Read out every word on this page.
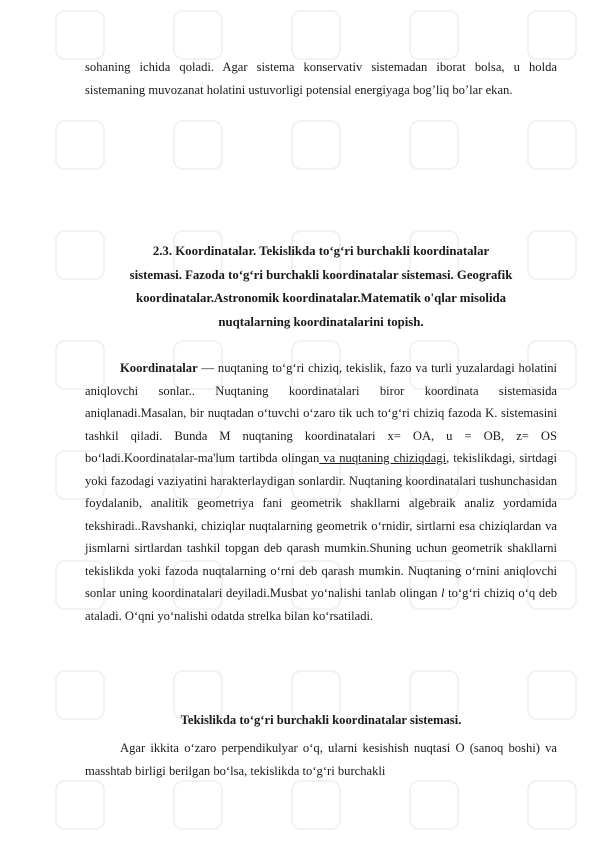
sohaning ichida qoladi. Agar sistema konservativ sistemadan iborat bolsa, u holda sistemaning muvozanat holatini ustuvorligi potensial energiyaga bog’liq bo’lar ekan.

2.3. Koordinatalar. Tekislikda to‘g‘ri burchakli koordinatalar
sistemasi. Fazoda to‘g‘ri burchakli koordinatalar sistemasi. Geografik
koordinatalar.Astronomik koordinatalar.Matematik o'qlar misolida
nuqtalarning koordinatalarini topish.

Koordinatalar — nuqtaning to‘g‘ri chiziq, tekislik, fazo va turli yuzalardagi holatini aniqlovchi sonlar.. Nuqtaning koordinatalari biror koordinata sistemasida aniqlanadi.Masalan, bir nuqtadan o‘tuvchi o‘zaro tik uch to‘g‘ri chiziq fazoda K. sistemasini tashkil qiladi. Bunda M nuqtaning koordinatalari x= OA, u = OB, z= OS bo‘ladi.Koordinatalar-ma'lum tartibda olingan va nuqtaning chiziqdagi, tekislikdagi, sirtdagi yoki fazodagi vaziyatini harakterlaydigan sonlardir. Nuqtaning koordinatalari tushunchasidan foydalanib, analitik geometriya fani geometrik shakllarni algebraik analiz yordamida tekshiradi..Ravshanki, chiziqlar nuqtalarning geometrik o‘rnidir, sirtlarni esa chiziqlardan va jismlarni sirtlardan tashkil topgan deb qarash mumkin.Shuning uchun geometrik shakllarni tekislikda yoki fazoda nuqtalarning o‘rni deb qarash mumkin. Nuqtaning o‘rnini aniqlovchi sonlar uning koordinatalari deyiladi.Musbat yo‘nalishi tanlab olingan l to‘g‘ri chiziq o‘q deb ataladi. O‘qni yo‘nalishi odatda strelka bilan ko‘rsatiladi.

Tekislikda to‘g‘ri burchakli koordinatalar sistemasi.

Agar ikkita o‘zaro perpendikulyar o‘q, ularni kesishish nuqtasi O (sanoq boshi) va masshtab birligi berilgan bo‘lsa, tekislikda to‘g‘ri burchakli
